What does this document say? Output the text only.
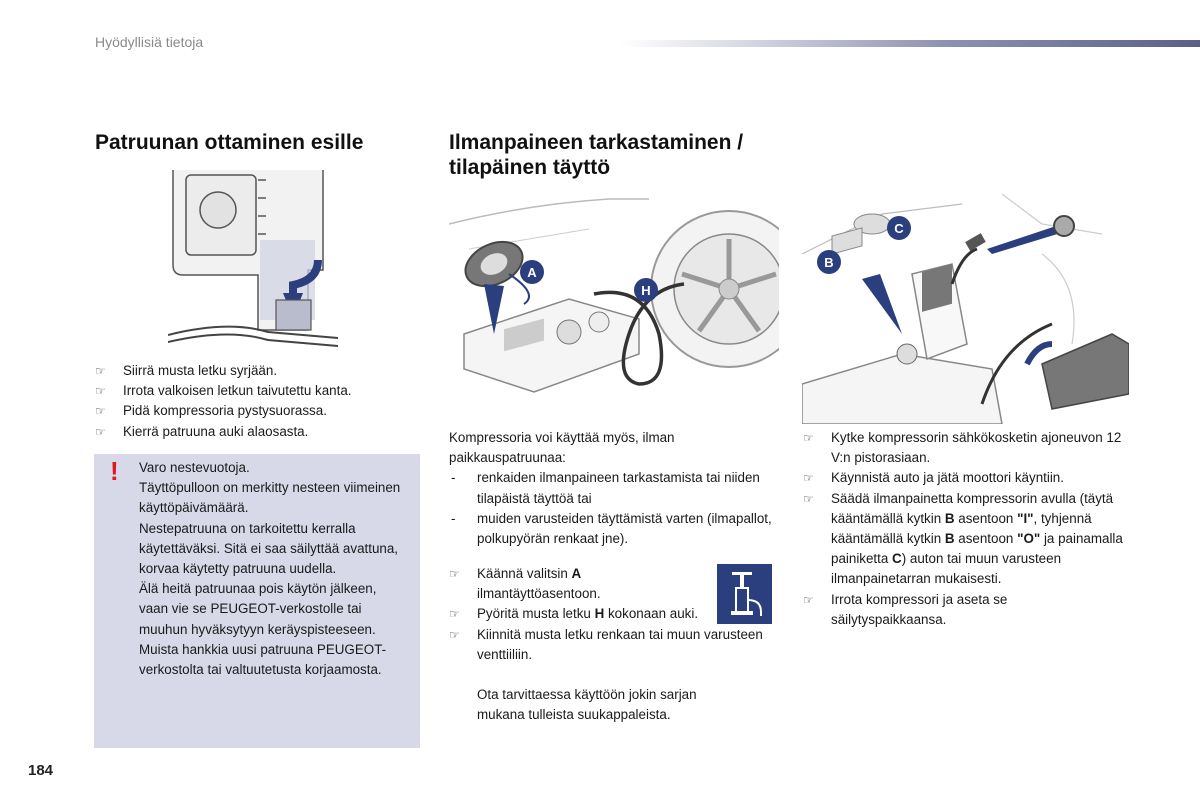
Hyödyllisiä tietoja
Patruunan ottaminen esille
☞ Siirrä musta letku syrjään.
☞ Irrota valkoisen letkun taivutettu kanta.
☞ Pidä kompressoria pystysuorassa.
☞ Kierrä patruuna auki alaosasta.
! Varo nestevuotoja.
Täyttöpulloon on merkitty nesteen viimeinen käyttöpäivämäärä.
Nestepatruuna on tarkoitettu kerralla käytettäväksi. Sitä ei saa säilyttää avattuna, korvaa käytetty patruuna uudella.
Älä heitä patruunaa pois käytön jälkeen, vaan vie se PEUGEOT-verkostolle tai muuhun hyväksytyyn keräyspisteeseen.
Muista hankkia uusi patruuna PEUGEOT-verkostolta tai valtuutetusta korjaamosta.
Ilmanpaineen tarkastaminen / tilapäinen täyttö
A
H
Kompressoria voi käyttää myös, ilman paikkauspatruunaa:
- renkaiden ilmanpaineen tarkastamista tai niiden tilapäistä täyttöä tai
- muiden varusteiden täyttämistä varten (ilmapallot, polkupyörän renkaat jne).
☞ Käännä valitsin A ilmantäyttöasentoon.
☞ Pyöritä musta letku H kokonaan auki.
☞ Kiinnitä musta letku renkaan tai muun varusteen venttiiliin.
Ota tarvittaessa käyttöön jokin sarjan mukana tulleista suukappaleista.
B
C
☞ Kytke kompressorin sähkökosketin ajoneuvon 12 V:n pistorasiaan.
☞ Käynnistä auto ja jätä moottori käyntiin.
☞ Säädä ilmanpainetta kompressorin avulla (täytä kääntämällä kytkin B asentoon "I", tyhjennä kääntämällä kytkin B asentoon "O" ja painamalla painiketta C) auton tai muun varusteen ilmanpainetarran mukaisesti.
☞ Irrota kompressori ja aseta se säilytyspaikkaansa.
184
